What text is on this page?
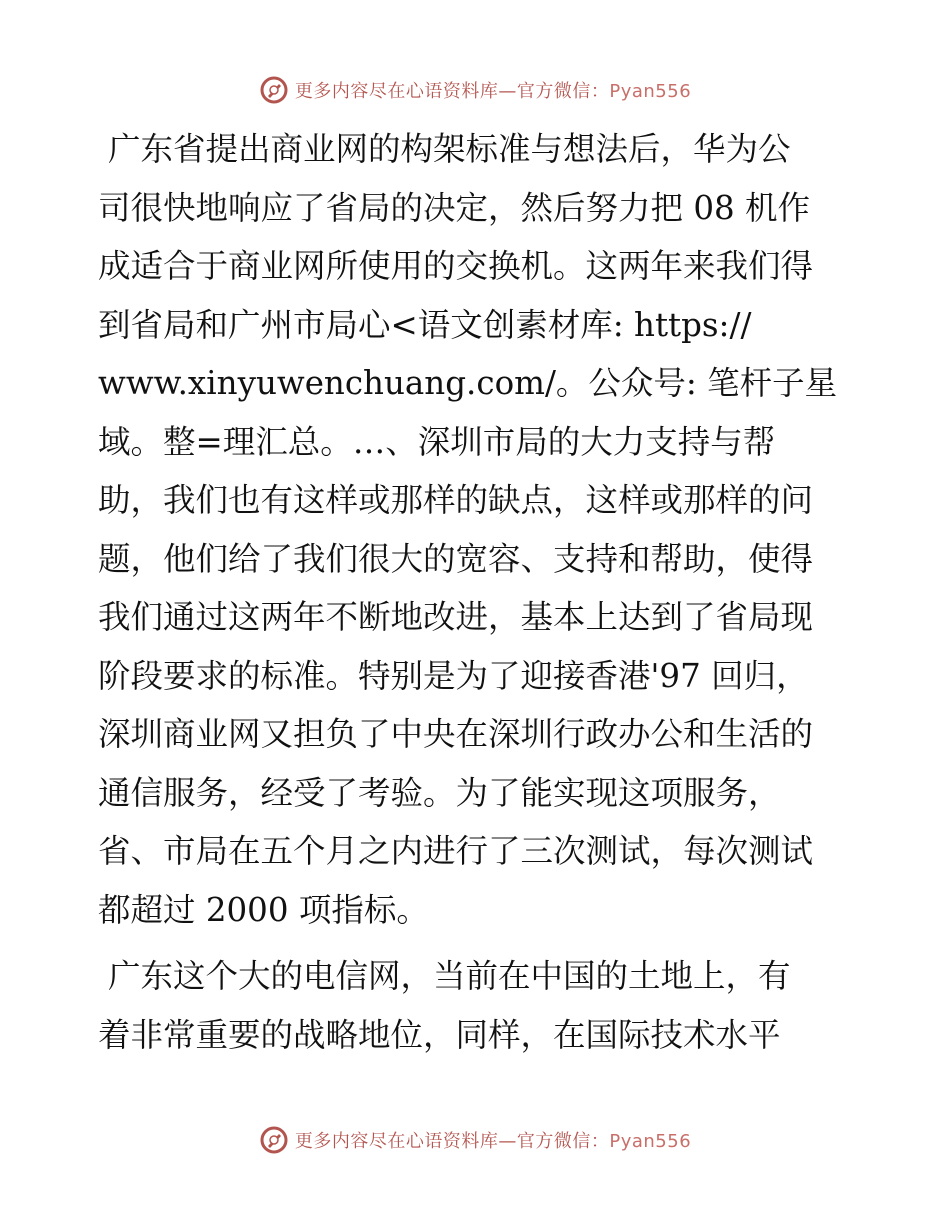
更多内容尽在心语资料库—官方微信：Pyan556

广东省提出商业网的构架标准与想法后，华为公
司很快地响应了省局的决定，然后努力把 08 机作
成适合于商业网所使用的交换机。这两年来我们得
到省局和广州市局心<语文创素材库: https://
www.xinyuwenchuang.com/。公众号: 笔杆子星
域。整=理汇总。…、深圳市局的大力支持与帮
助，我们也有这样或那样的缺点，这样或那样的问
题，他们给了我们很大的宽容、支持和帮助，使得
我们通过这两年不断地改进，基本上达到了省局现
阶段要求的标准。特别是为了迎接香港'97 回归，
深圳商业网又担负了中央在深圳行政办公和生活的
通信服务，经受了考验。为了能实现这项服务，
省、市局在五个月之内进行了三次测试，每次测试
都超过 2000 项指标。

广东这个大的电信网，当前在中国的土地上，有
着非常重要的战略地位，同样，在国际技术水平

更多内容尽在心语资料库—官方微信：Pyan556
